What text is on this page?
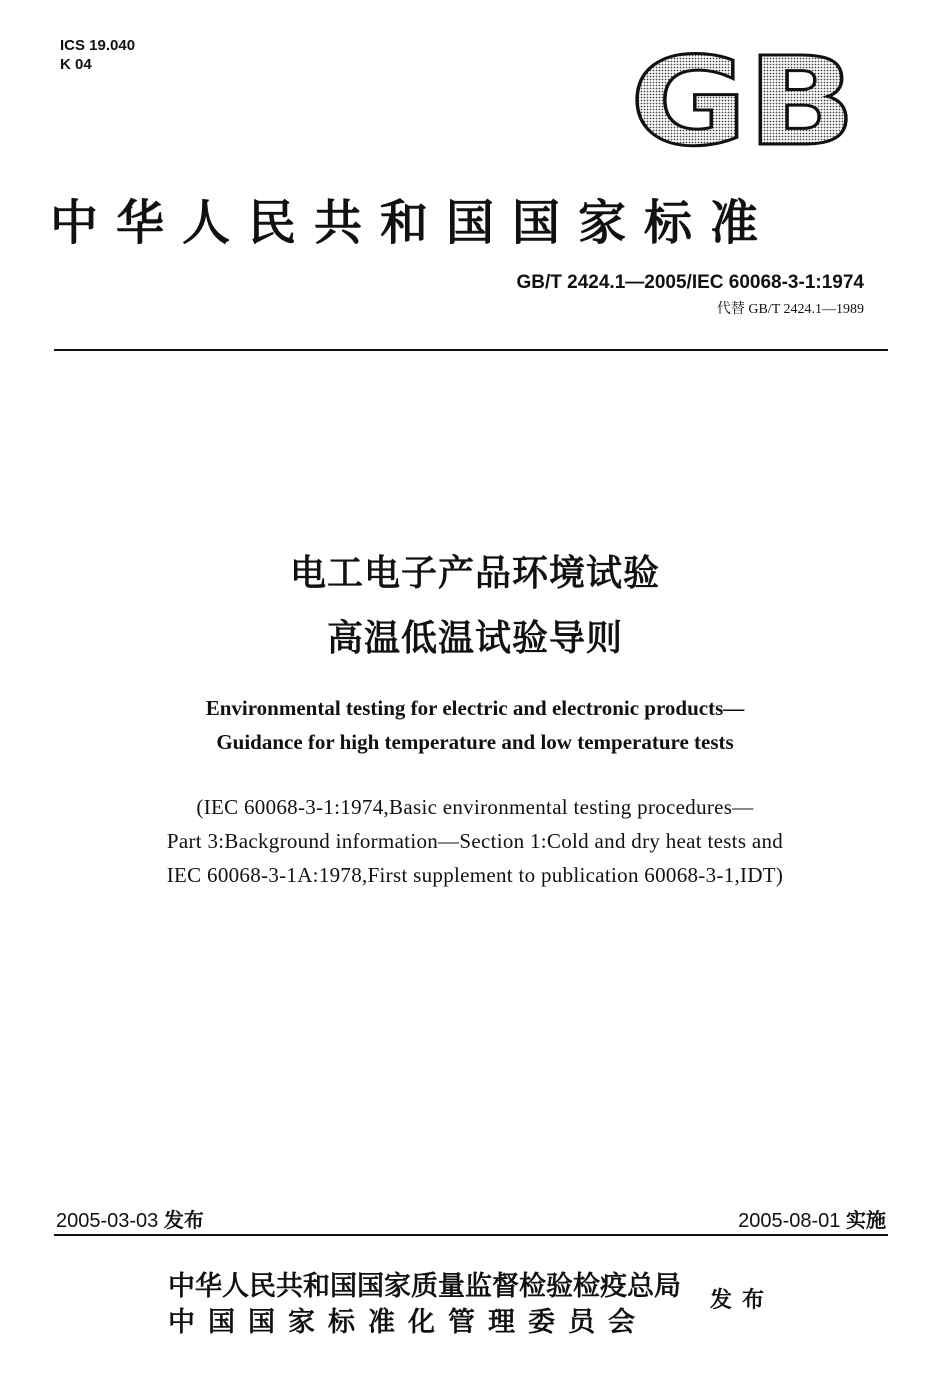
ICS 19.040
K 04	GB
中华人民共和国国家标准
GB/T 2424.1—2005/IEC 60068-3-1:1974
代替 GB/T 2424.1—1989
电工电子产品环境试验
高温低温试验导则
Environmental testing for electric and electronic products—
Guidance for high temperature and low temperature tests
(IEC 60068-3-1:1974,Basic environmental testing procedures—
Part 3:Background information—Section 1:Cold and dry heat tests and
IEC 60068-3-1A:1978,First supplement to publication 60068-3-1,IDT)
2005-03-03 发布	2005-08-01 实施
中华人民共和国国家质量监督检验检疫总局
中国国家标准化管理委员会
发布
